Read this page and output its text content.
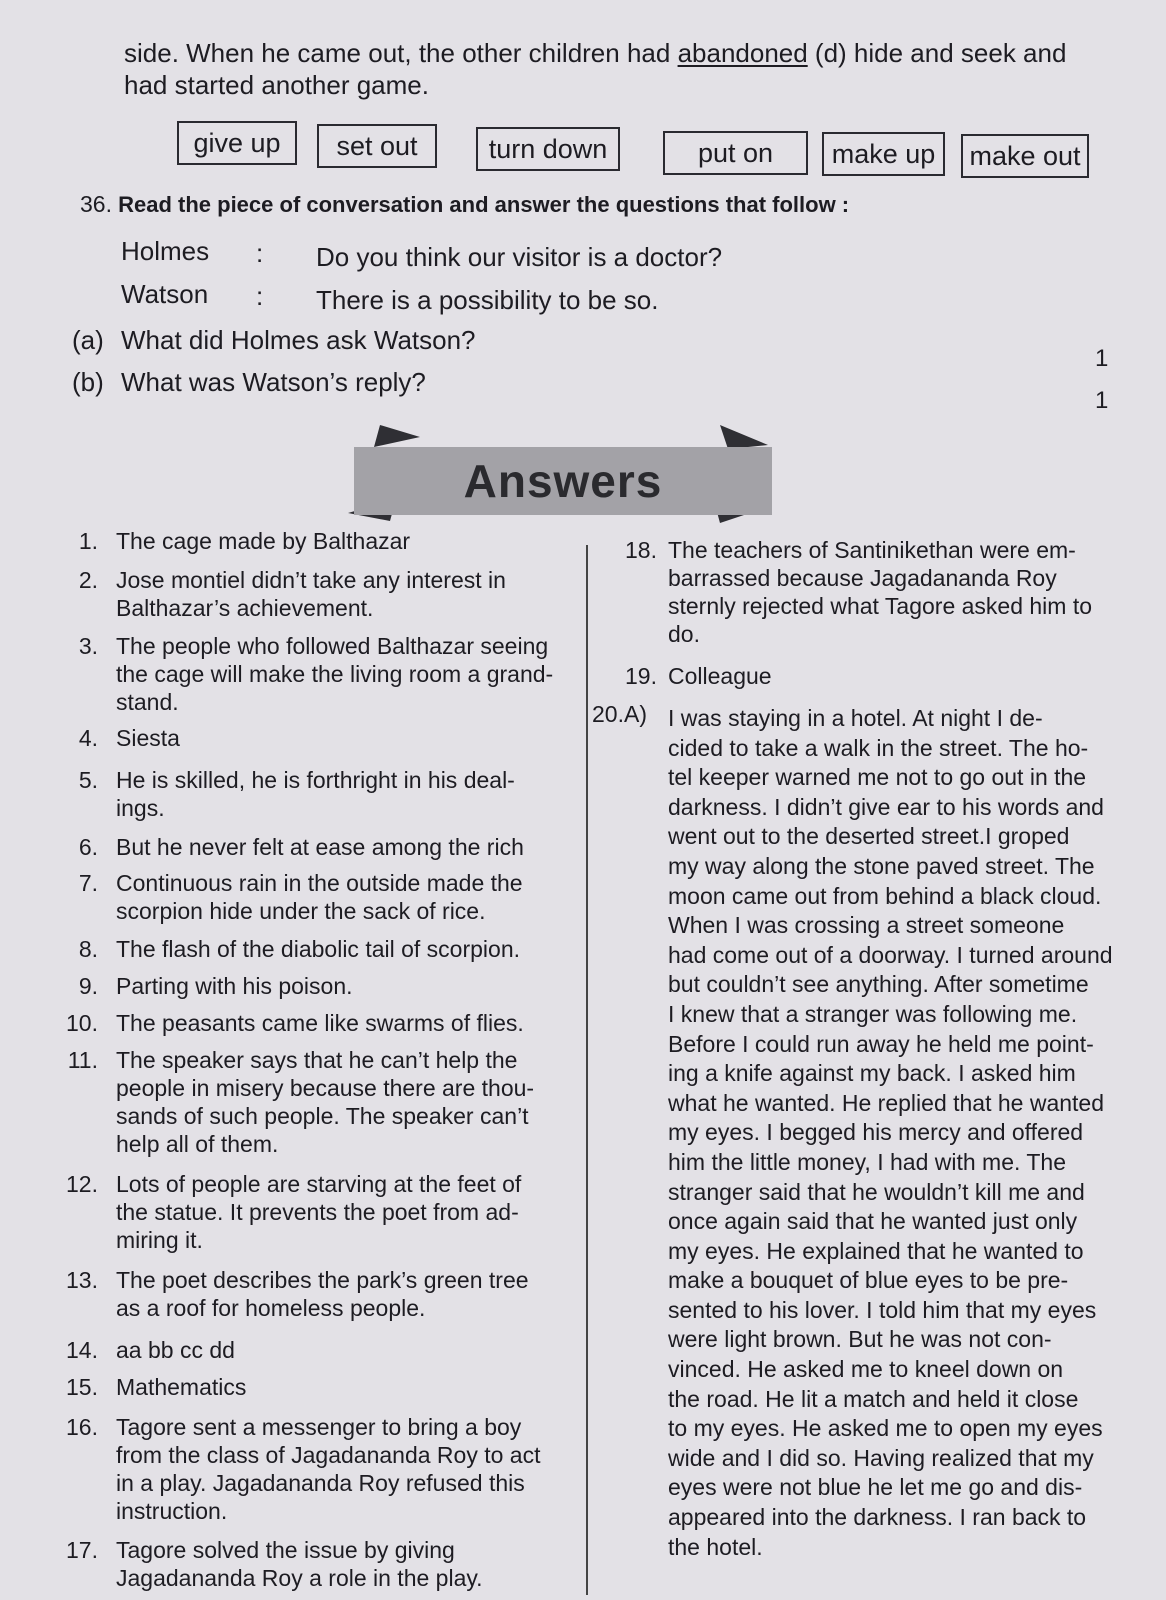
side. When he came out, the other children had abandoned (d) hide and seek and
had started another game.
give up	set out	turn down	put on	make up	make out
36. Read the piece of conversation and answer the questions that follow :
Holmes : Do you think our visitor is a doctor?
Watson : There is a possibility to be so.
(a) What did Holmes ask Watson?
1
(b) What was Watson’s reply?
1
Answers
1. The cage made by Balthazar

2. Jose montiel didn’t take any interest in

Balthazar’s achievement.

3. The people who followed Balthazar seeing

the cage will make the living room a grand-

stand.

4. Siesta

5. He is skilled, he is forthright in his deal-

ings.

6. But he never felt at ease among the rich

7. Continuous rain in the outside made the

scorpion hide under the sack of rice.

8. The flash of the diabolic tail of scorpion.

9. Parting with his poison.

10. The peasants came like swarms of flies.

11. The speaker says that he can’t help the

people in misery because there are thou-

sands of such people. The speaker can’t

help all of them.

12. Lots of people are starving at the feet of

the statue. It prevents the poet from ad-

miring it.

13. The poet describes the park’s green tree

as a roof for homeless people.

14. aa bb cc dd

15. Mathematics

16. Tagore sent a messenger to bring a boy

from the class of Jagadananda Roy to act

in a play. Jagadananda Roy refused this

instruction.

17. Tagore solved the issue by giving

Jagadananda Roy a role in the play.

18. The teachers of Santinikethan were em-

barrassed because Jagadananda Roy

sternly rejected what Tagore asked him to

do.

19. Colleague

20.A) I was staying in a hotel. At night I de-

cided to take a walk in the street. The ho-

tel keeper warned me not to go out in the

darkness. I didn’t give ear to his words and

went out to the deserted street.I groped

my way along the stone paved street. The

moon came out from behind a black cloud.

When I was crossing a street someone

had come out of a doorway. I turned around

but couldn’t see anything. After sometime

I knew that a stranger was following me.

Before I could run away he held me point-

ing a knife against my back. I asked him

what he wanted. He replied that he wanted

my eyes. I begged his mercy and offered

him the little money, I had with me. The

stranger said that he wouldn’t kill me and

once again said that he wanted just only

my eyes. He explained that he wanted to

make a bouquet of blue eyes to be pre-

sented to his lover. I told him that my eyes

were light brown. But he was not con-

vinced. He asked me to kneel down on

the road. He lit a match and held it close

to my eyes. He asked me to open my eyes

wide and I did so. Having realized that my

eyes were not blue he let me go and dis-

appeared into the darkness. I ran back to

the hotel.
